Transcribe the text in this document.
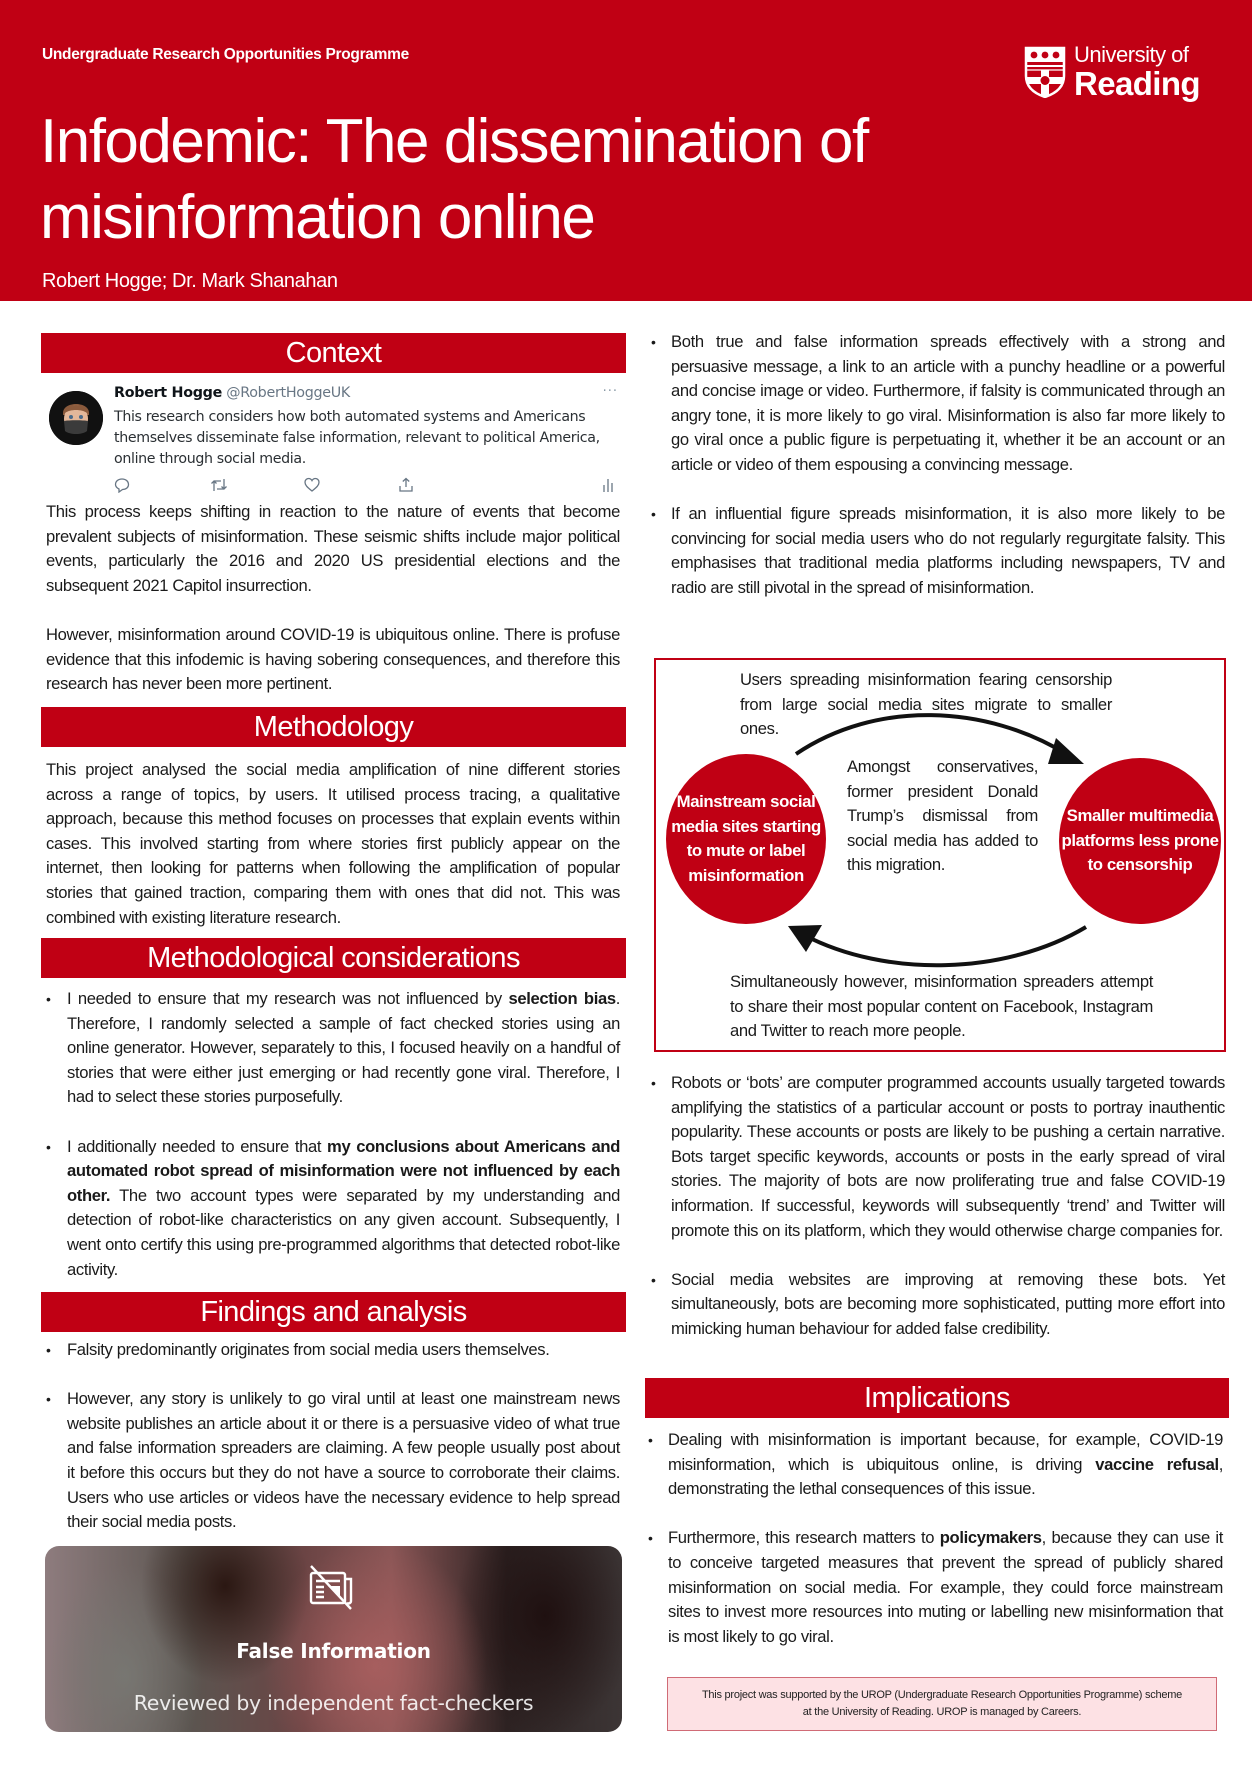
Undergraduate Research Opportunities Programme
Infodemic: The dissemination of misinformation online
Robert Hogge; Dr. Mark Shanahan
University of
Reading
Context
Robert Hogge @RobertHoggeUK	···
This research considers how both automated systems and Americans themselves disseminate false information, relevant to political America, online through social media.

This process keeps shifting in reaction to the nature of events that become prevalent subjects of misinformation. These seismic shifts include major political events, particularly the 2016 and 2020 US presidential elections and the subsequent 2021 Capitol insurrection.

However, misinformation around COVID-19 is ubiquitous online. There is profuse evidence that this infodemic is having sobering consequences, and therefore this research has never been more pertinent.

Methodology
This project analysed the social media amplification of nine different stories across a range of topics, by users. It utilised process tracing, a qualitative approach, because this method focuses on processes that explain events within cases. This involved starting from where stories first publicly appear on the internet, then looking for patterns when following the amplification of popular stories that gained traction, comparing them with ones that did not. This was combined with existing literature research.
Methodological considerations
• I needed to ensure that my research was not influenced by selection bias. Therefore, I randomly selected a sample of fact checked stories using an online generator. However, separately to this, I focused heavily on a handful of stories that were either just emerging or had recently gone viral. Therefore, I had to select these stories purposefully.
• I additionally needed to ensure that my conclusions about Americans and automated robot spread of misinformation were not influenced by each other. The two account types were separated by my understanding and detection of robot-like characteristics on any given account. Subsequently, I went onto certify this using pre-programmed algorithms that detected robot-like activity.
Findings and analysis
• Falsity predominantly originates from social media users themselves.
• However, any story is unlikely to go viral until at least one mainstream news website publishes an article about it or there is a persuasive video of what true and false information spreaders are claiming. A few people usually post about it before this occurs but they do not have a source to corroborate their claims. Users who use articles or videos have the necessary evidence to help spread their social media posts.
False Information
Reviewed by independent fact-checkers
• Both true and false information spreads effectively with a strong and persuasive message, a link to an article with a punchy headline or a powerful and concise image or video. Furthermore, if falsity is communicated through an angry tone, it is more likely to go viral. Misinformation is also far more likely to go viral once a public figure is perpetuating it, whether it be an account or an article or video of them espousing a convincing message.
• If an influential figure spreads misinformation, it is also more likely to be convincing for social media users who do not regularly regurgitate falsity. This emphasises that traditional media platforms including newspapers, TV and radio are still pivotal in the spread of misinformation.
Users spreading misinformation fearing censorship from large social media sites migrate to smaller ones.
Amongst conservatives, former president Donald Trump’s dismissal from social media has added to this migration.
Mainstream social media sites starting to mute or label misinformation
Smaller multimedia platforms less prone to censorship
Simultaneously however, misinformation spreaders attempt to share their most popular content on Facebook, Instagram and Twitter to reach more people.
• Robots or ‘bots’ are computer programmed accounts usually targeted towards amplifying the statistics of a particular account or posts to portray inauthentic popularity. These accounts or posts are likely to be pushing a certain narrative. Bots target specific keywords, accounts or posts in the early spread of viral stories. The majority of bots are now proliferating true and false COVID-19 information. If successful, keywords will subsequently ‘trend’ and Twitter will promote this on its platform, which they would otherwise charge companies for.
• Social media websites are improving at removing these bots. Yet simultaneously, bots are becoming more sophisticated, putting more effort into mimicking human behaviour for added false credibility.
Implications
• Dealing with misinformation is important because, for example, COVID-19 misinformation, which is ubiquitous online, is driving vaccine refusal, demonstrating the lethal consequences of this issue.
• Furthermore, this research matters to policymakers, because they can use it to conceive targeted measures that prevent the spread of publicly shared misinformation on social media. For example, they could force mainstream sites to invest more resources into muting or labelling new misinformation that is most likely to go viral.
This project was supported by the UROP (Undergraduate Research Opportunities Programme) scheme
at the University of Reading. UROP is managed by Careers.
